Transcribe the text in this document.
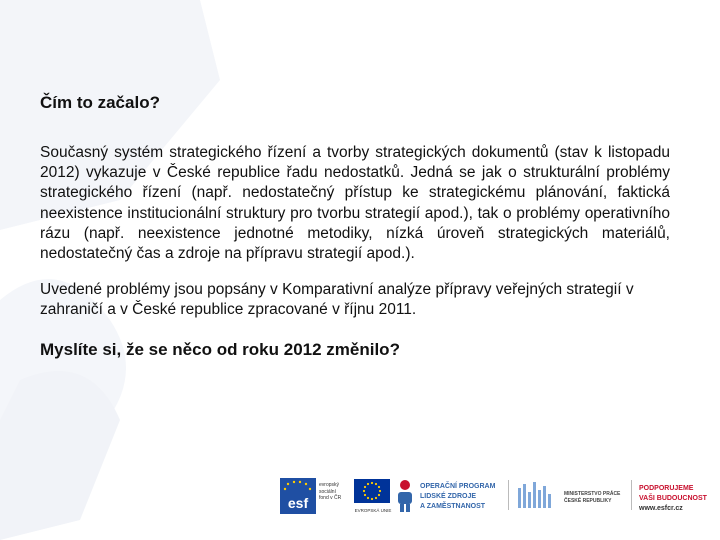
Čím to začalo?

Současný systém strategického řízení a tvorby strategických dokumentů (stav k listopadu 2012) vykazuje v České republice řadu nedostatků. Jedná se jak o strukturální problémy strategického řízení (např. nedostatečný přístup ke strategickému plánování, faktická neexistence institucionální struktury pro tvorbu strategií apod.), tak o problémy operativního rázu (např. neexistence jednotné metodiky, nízká úroveň strategických materiálů, nedostatečný čas a zdroje na přípravu strategií apod.).

Uvedené problémy jsou popsány v Komparativní analýze přípravy veřejných strategií v zahraničí a v České republice zpracované v říjnu 2011.

Myslíte si, že se něco od roku 2012 změnilo?
esf
evropský
sociální
fond v ČR
EVROPSKÁ UNIE
OPERAČNÍ PROGRAM
LIDSKÉ ZDROJE
A ZAMĚSTNANOST
MINISTERSTVO PRÁCE
ČESKÉ REPUBLIKY
PODPORUJEME
VAŠI BUDOUCNOST
www.esfcr.cz
